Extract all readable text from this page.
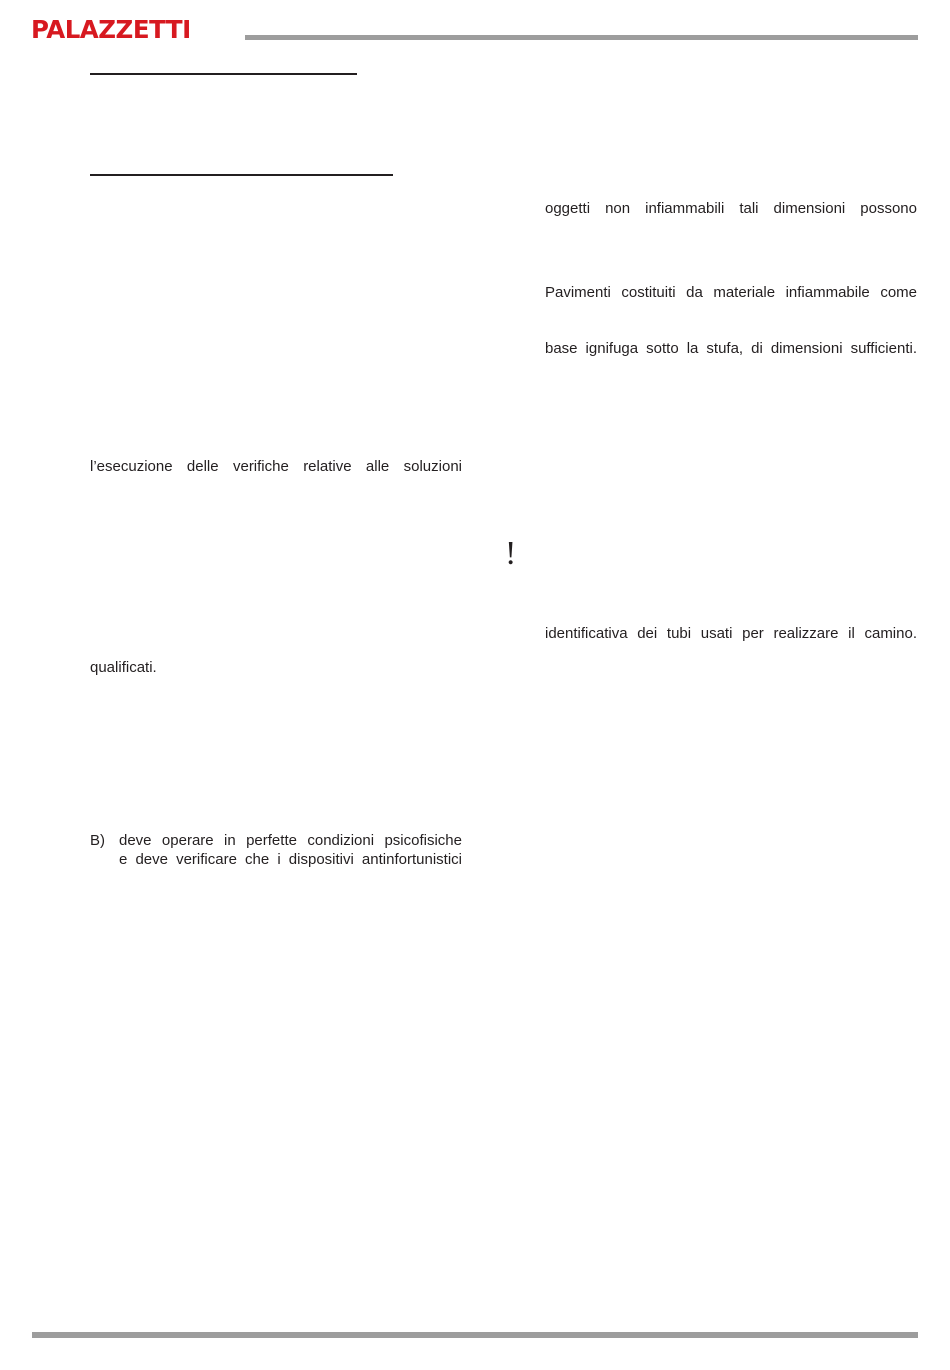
PALAZZETTI
l’esecuzione delle verifiche relative alle soluzioni
qualificati.
B) deve operare in perfette condizioni psicofisiche
e deve verificare che i dispositivi antinfortunistici
oggetti non infiammabili tali dimensioni possono
Pavimenti costituiti da materiale infiammabile come
base ignifuga sotto la stufa, di dimensioni sufficienti.
!
identificativa dei tubi usati per realizzare il camino.
